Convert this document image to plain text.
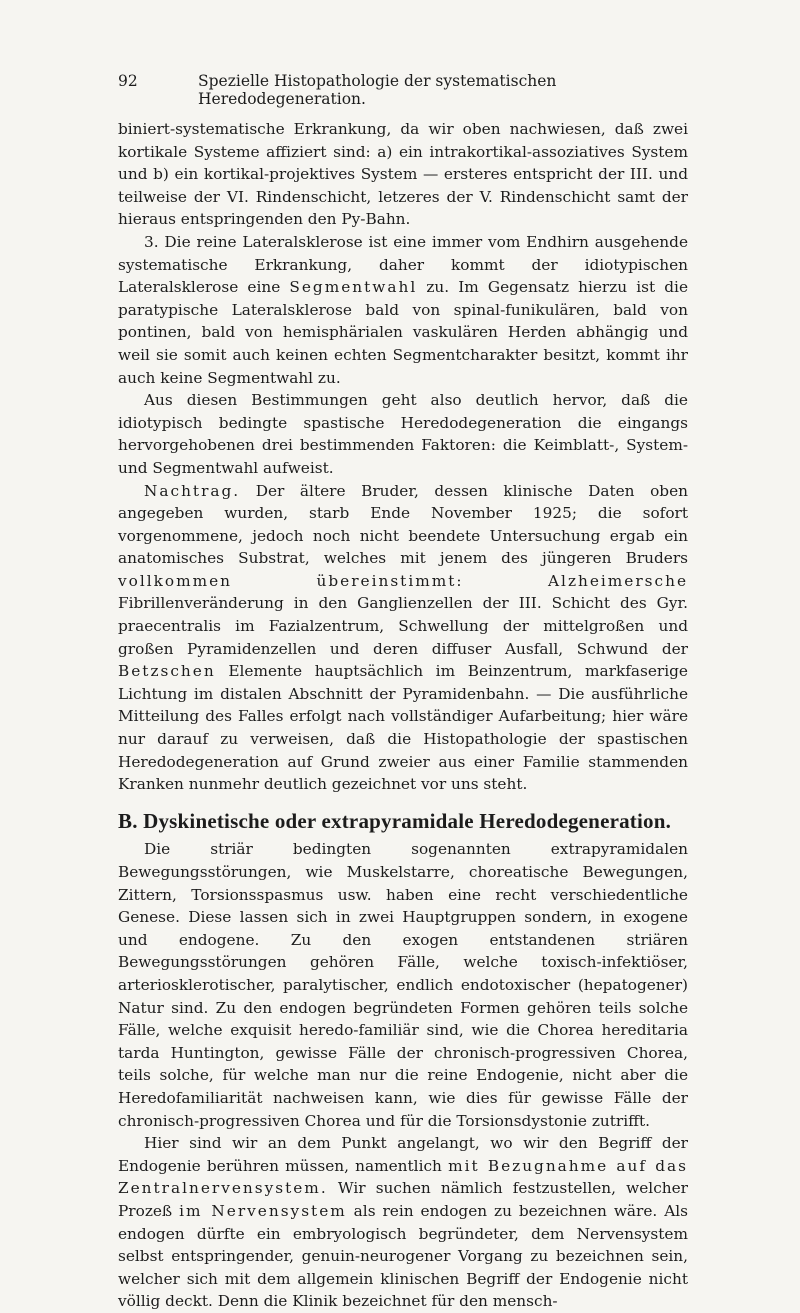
92	Spezielle Histopathologie der systematischen Heredodegeneration.

biniert-systematische Erkrankung, da wir oben nachwiesen, daß zwei kortikale Systeme affiziert sind: a) ein intrakortikal-assoziatives System und b) ein kortikal-projektives System — ersteres entspricht der III. und teilweise der VI. Rindenschicht, letzeres der V. Rindenschicht samt der hieraus entspringenden den Py-Bahn.

3. Die reine Lateralsklerose ist eine immer vom Endhirn ausgehende systematische Erkrankung, daher kommt der idiotypischen Lateralsklerose eine Segmentwahl zu. Im Gegensatz hierzu ist die paratypische Lateralsklerose bald von spinal-funikulären, bald von pontinen, bald von hemisphärialen vaskulären Herden abhängig und weil sie somit auch keinen echten Segmentcharakter besitzt, kommt ihr auch keine Segmentwahl zu.

Aus diesen Bestimmungen geht also deutlich hervor, daß die idiotypisch bedingte spastische Heredodegeneration die eingangs hervorgehobenen drei bestimmenden Faktoren: die Keimblatt-, System- und Segmentwahl aufweist.

Nachtrag. Der ältere Bruder, dessen klinische Daten oben angegeben wurden, starb Ende November 1925; die sofort vorgenommene, jedoch noch nicht beendete Untersuchung ergab ein anatomisches Substrat, welches mit jenem des jüngeren Bruders vollkommen übereinstimmt: Alzheimersche Fibrillenveränderung in den Ganglienzellen der III. Schicht des Gyr. praecentralis im Fazialzentrum, Schwellung der mittelgroßen und großen Pyramidenzellen und deren diffuser Ausfall, Schwund der Betzschen Elemente hauptsächlich im Beinzentrum, markfaserige Lichtung im distalen Abschnitt der Pyramidenbahn. — Die ausführliche Mitteilung des Falles erfolgt nach vollständiger Aufarbeitung; hier wäre nur darauf zu verweisen, daß die Histopathologie der spastischen Heredodegeneration auf Grund zweier aus einer Familie stammenden Kranken nunmehr deutlich gezeichnet vor uns steht.

B. Dyskinetische oder extrapyramidale Heredodegeneration.

Die striär bedingten sogenannten extrapyramidalen Bewegungsstörungen, wie Muskelstarre, choreatische Bewegungen, Zittern, Torsionsspasmus usw. haben eine recht verschiedentliche Genese. Diese lassen sich in zwei Hauptgruppen sondern, in exogene und endogene. Zu den exogen entstandenen striären Bewegungsstörungen gehören Fälle, welche toxisch-infektiöser, arteriosklerotischer, paralytischer, endlich endotoxischer (hepatogener) Natur sind. Zu den endogen begründeten Formen gehören teils solche Fälle, welche exquisit heredo-familiär sind, wie die Chorea hereditaria tarda Huntington, gewisse Fälle der chronisch-progressiven Chorea, teils solche, für welche man nur die reine Endogenie, nicht aber die Heredofamiliarität nachweisen kann, wie dies für gewisse Fälle der chronisch-progressiven Chorea und für die Torsionsdystonie zutrifft.

Hier sind wir an dem Punkt angelangt, wo wir den Begriff der Endogenie berühren müssen, namentlich mit Bezugnahme auf das Zentralnervensystem. Wir suchen nämlich festzustellen, welcher Prozeß im Nervensystem als rein endogen zu bezeichnen wäre. Als endogen dürfte ein embryologisch begründeter, dem Nervensystem selbst entspringender, genuin-neurogener Vorgang zu bezeichnen sein, welcher sich mit dem allgemein klinischen Begriff der Endogenie nicht völlig deckt. Denn die Klinik bezeichnet für den mensch-
